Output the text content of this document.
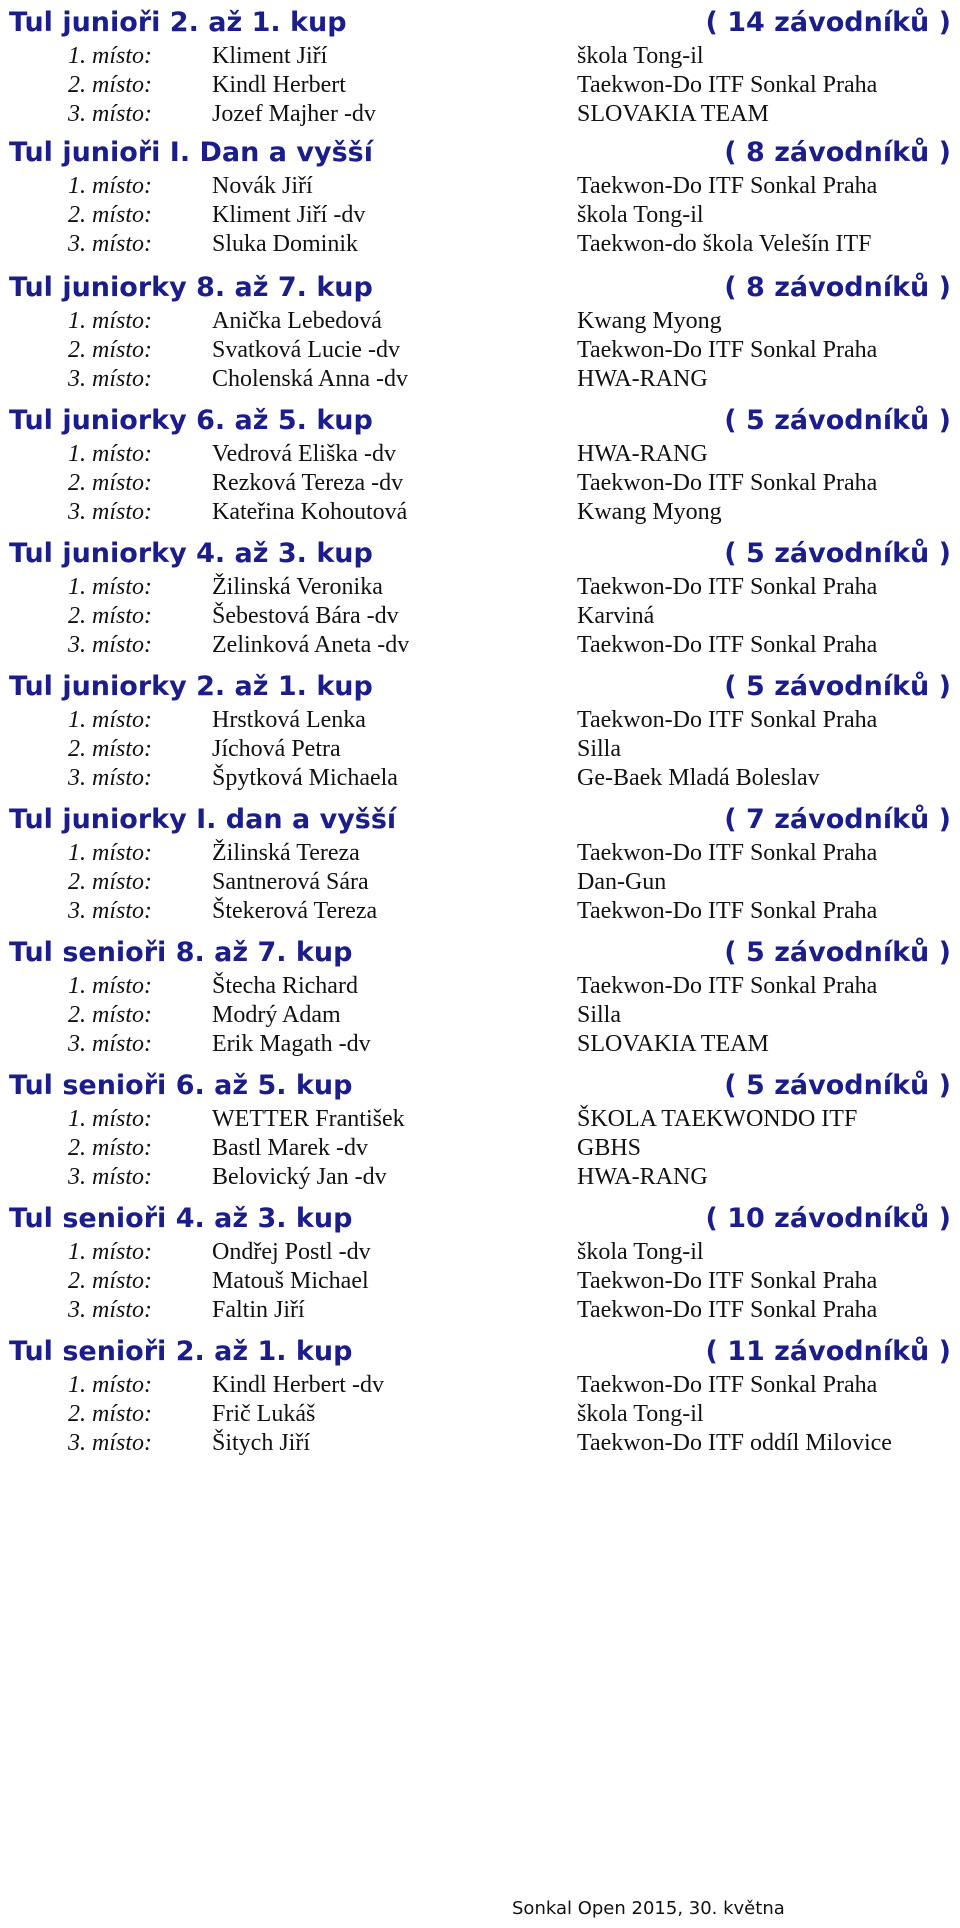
Tul junioři 2. až 1. kup	( 14 závodníků )
1. místo:	Kliment Jiří	škola Tong-il
2. místo:	Kindl Herbert	Taekwon-Do ITF Sonkal Praha
3. místo:	Jozef Majher -dv	SLOVAKIA TEAM
Tul junioři I. Dan a vyšší	( 8 závodníků )
1. místo:	Novák Jiří	Taekwon-Do ITF Sonkal Praha
2. místo:	Kliment Jiří -dv	škola Tong-il
3. místo:	Sluka Dominik	Taekwon-do škola Velešín ITF
Tul juniorky 8. až 7. kup	( 8 závodníků )
1. místo:	Anička Lebedová	Kwang Myong
2. místo:	Svatková Lucie -dv	Taekwon-Do ITF Sonkal Praha
3. místo:	Cholenská Anna -dv	HWA-RANG
Tul juniorky 6. až 5. kup	( 5 závodníků )
1. místo:	Vedrová Eliška -dv	HWA-RANG
2. místo:	Rezková Tereza -dv	Taekwon-Do ITF Sonkal Praha
3. místo:	Kateřina Kohoutová	Kwang Myong
Tul juniorky 4. až 3. kup	( 5 závodníků )
1. místo:	Žilinská Veronika	Taekwon-Do ITF Sonkal Praha
2. místo:	Šebestová Bára -dv	Karviná
3. místo:	Zelinková Aneta -dv	Taekwon-Do ITF Sonkal Praha
Tul juniorky 2. až 1. kup	( 5 závodníků )
1. místo:	Hrstková Lenka	Taekwon-Do ITF Sonkal Praha
2. místo:	Jíchová Petra	Silla
3. místo:	Špytková Michaela	Ge-Baek Mladá Boleslav
Tul juniorky I. dan a vyšší	( 7 závodníků )
1. místo:	Žilinská Tereza	Taekwon-Do ITF Sonkal Praha
2. místo:	Santnerová Sára	Dan-Gun
3. místo:	Štekerová Tereza	Taekwon-Do ITF Sonkal Praha
Tul senioři 8. až 7. kup	( 5 závodníků )
1. místo:	Štecha Richard	Taekwon-Do ITF Sonkal Praha
2. místo:	Modrý Adam	Silla
3. místo:	Erik Magath -dv	SLOVAKIA TEAM
Tul senioři 6. až 5. kup	( 5 závodníků )
1. místo:	WETTER František	ŠKOLA TAEKWONDO ITF
2. místo:	Bastl Marek -dv	GBHS
3. místo:	Belovický Jan -dv	HWA-RANG
Tul senioři 4. až 3. kup	( 10 závodníků )
1. místo:	Ondřej Postl -dv	škola Tong-il
2. místo:	Matouš Michael	Taekwon-Do ITF Sonkal Praha
3. místo:	Faltin Jiří	Taekwon-Do ITF Sonkal Praha
Tul senioři 2. až 1. kup	( 11 závodníků )
1. místo:	Kindl Herbert -dv	Taekwon-Do ITF Sonkal Praha
2. místo:	Frič Lukáš	škola Tong-il
3. místo:	Šitych Jiří	Taekwon-Do ITF oddíl Milovice
Sonkal Open 2015, 30. května
